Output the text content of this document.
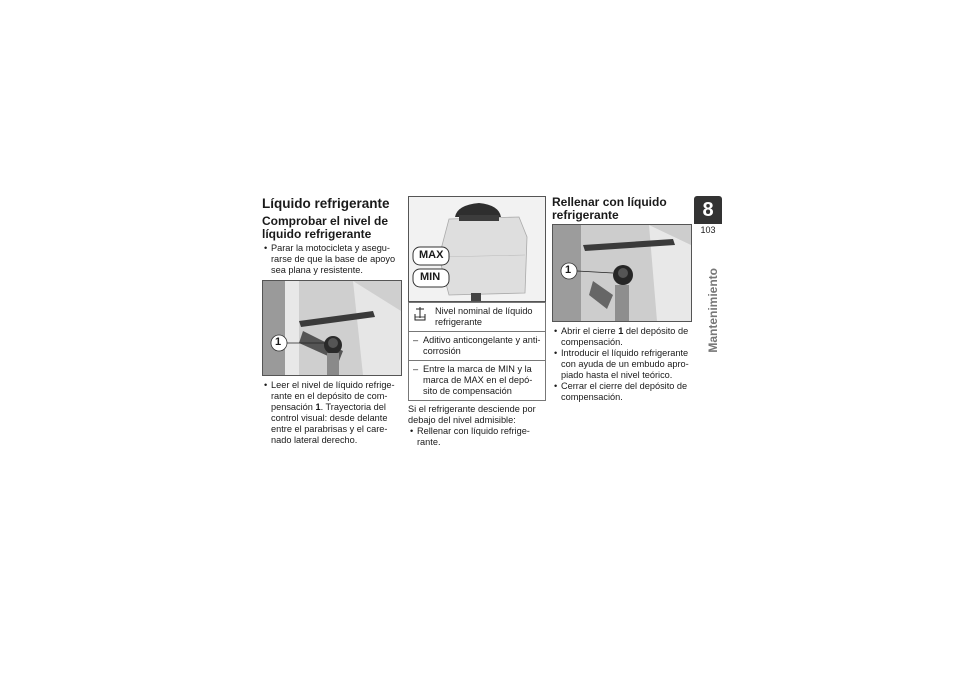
Líquido refrigerante
Comprobar el nivel de líquido refrigerante
• Parar la motocicleta y asegu-rarse de que la base de apoyo sea plana y resistente.
1
• Leer el nivel de líquido refrige-rante en el depósito de com-pensación 1. Trayectoria del control visual: desde delante entre el parabrisas y el care-nado lateral derecho.
MAX
MIN
Nivel nominal de líquido refrigerante
– Aditivo anticongelante y anti-corrosión
– Entre la marca de MIN y la marca de MAX en el depó-sito de compensación

Si el refrigerante desciende por debajo del nivel admisible:

• Rellenar con líquido refrige-rante.
Rellenar con líquido refrigerante
1
• Abrir el cierre 1 del depósito de compensación.
• Introducir el líquido refrigerante con ayuda de un embudo apro-piado hasta el nivel teórico.
• Cerrar el cierre del depósito de compensación.
8
103
Mantenimiento
